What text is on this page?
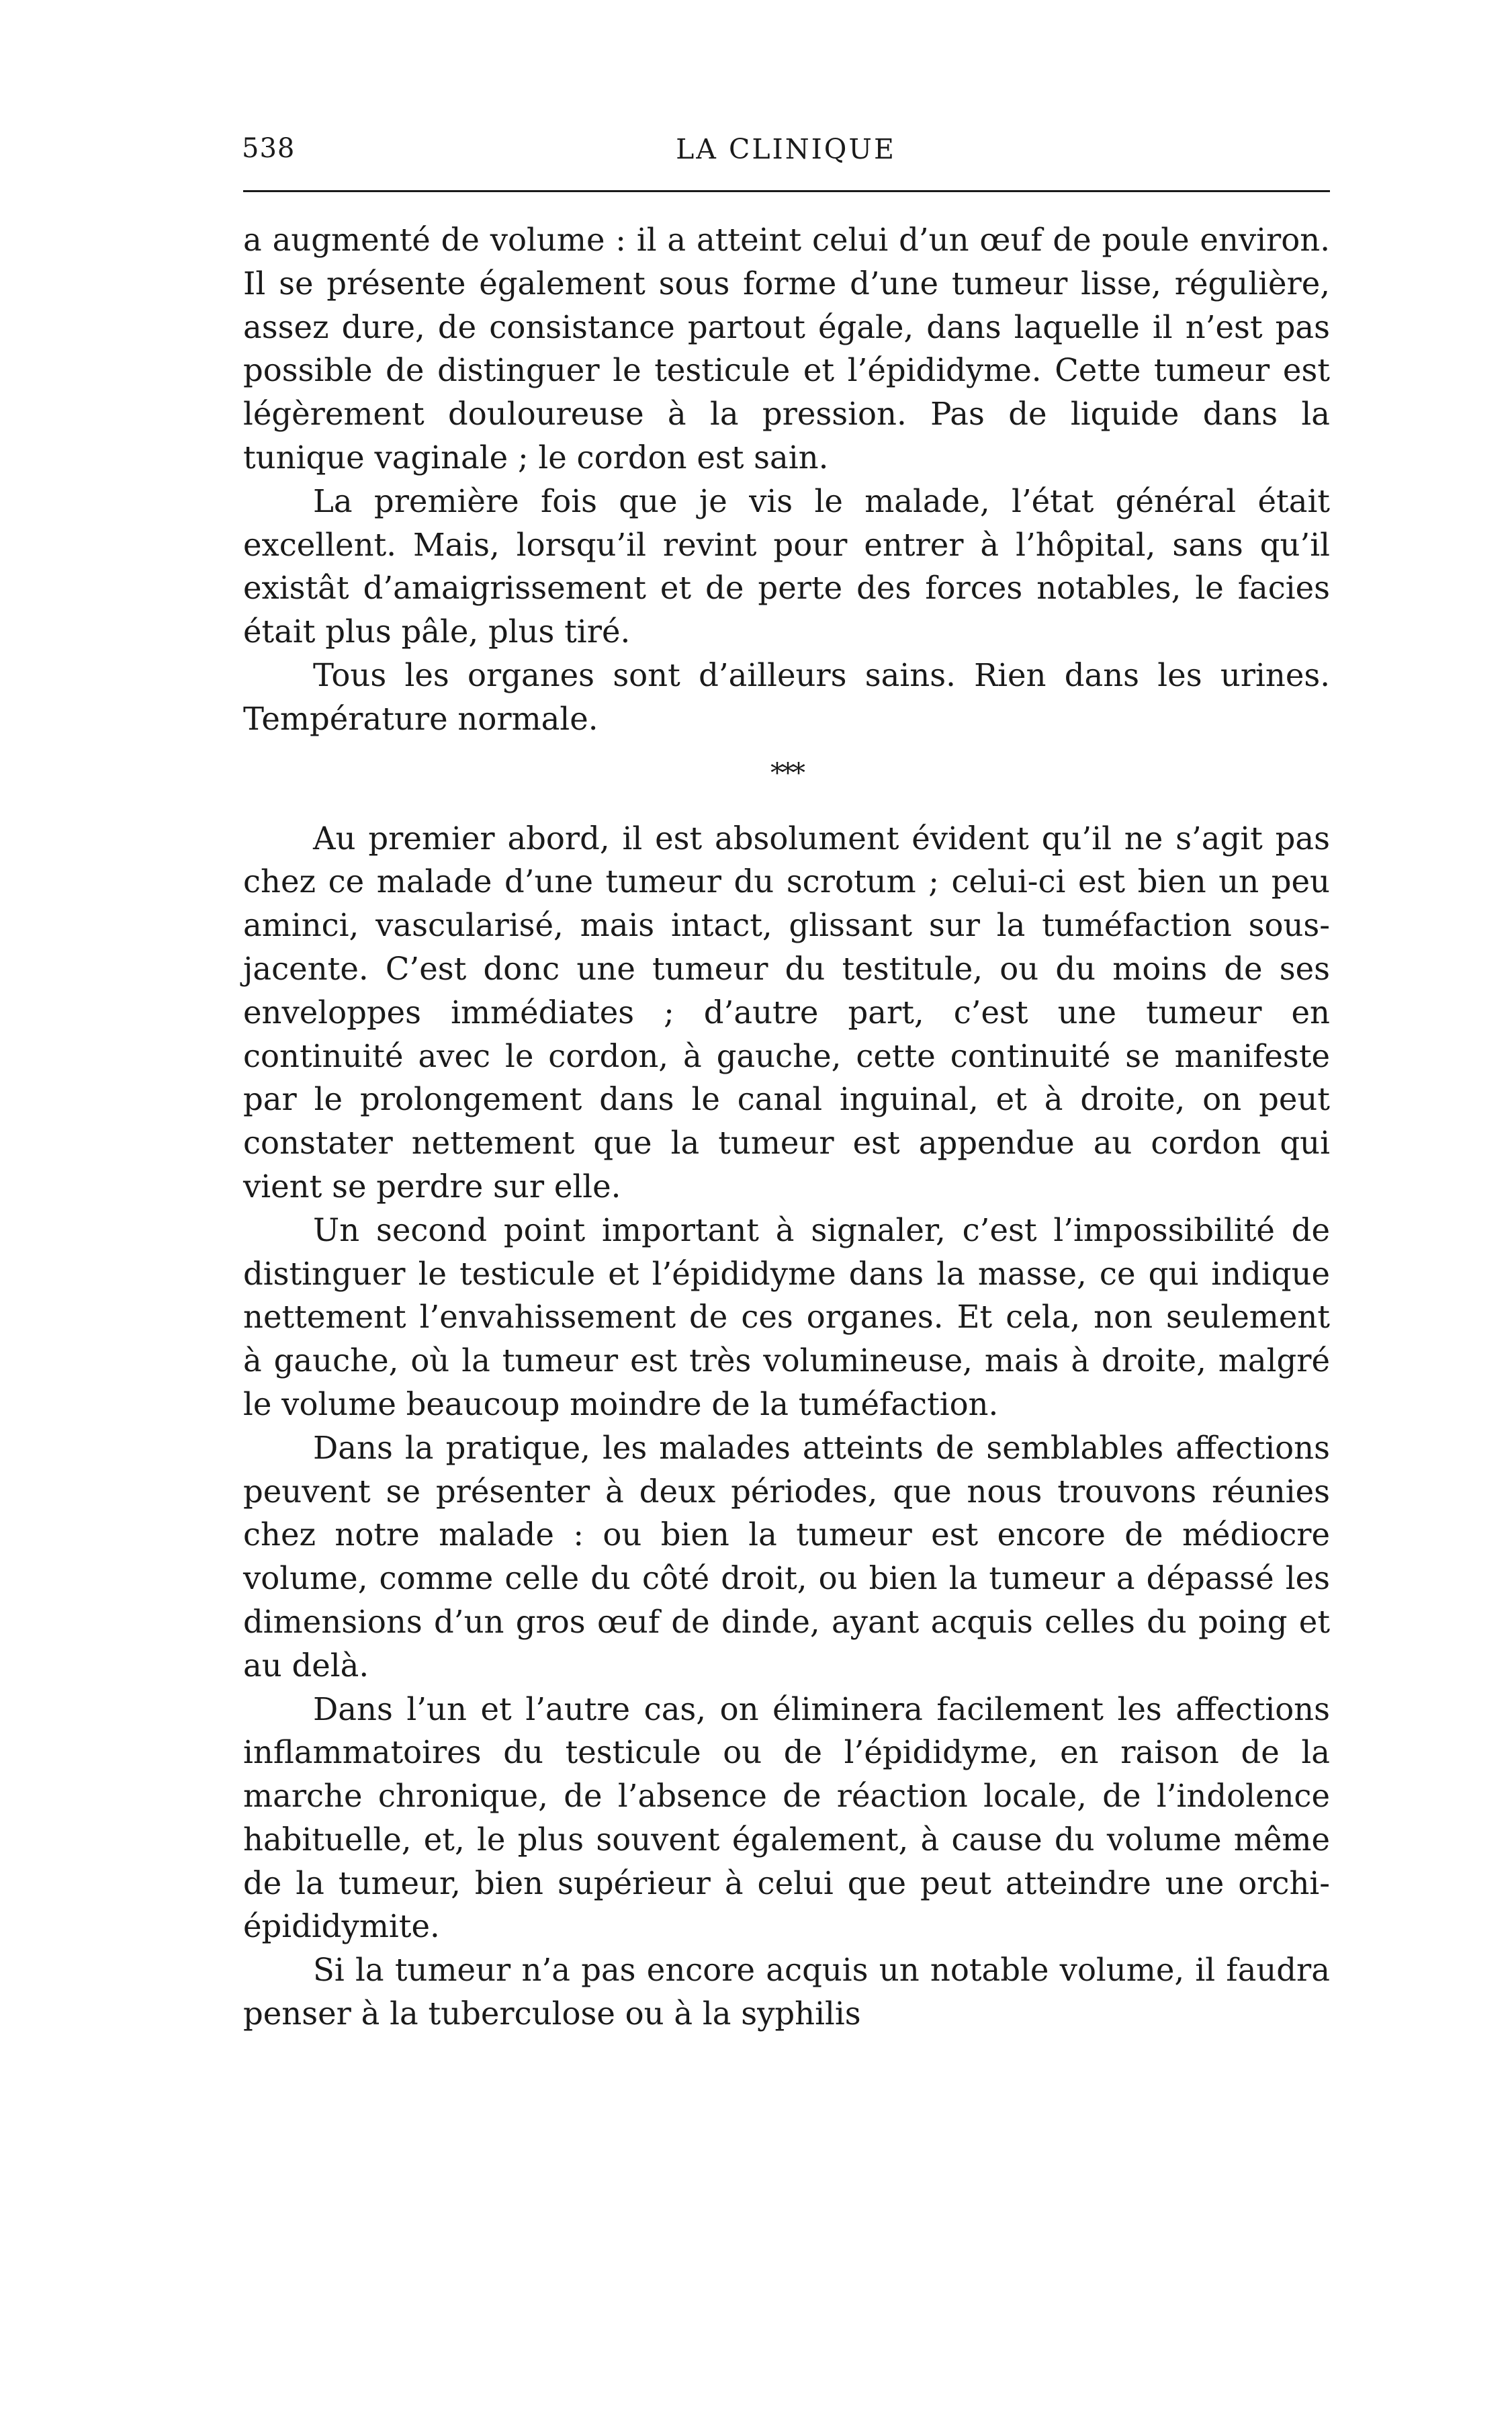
538	LA CLINIQUE

a augmenté de volume : il a atteint celui d’un œuf de poule environ. Il se présente également sous forme d’une tumeur lisse, régulière, assez dure, de consistance partout égale, dans laquelle il n’est pas possible de distinguer le testicule et l’épididyme. Cette tumeur est légèrement douloureuse à la pression. Pas de liquide dans la tunique vaginale ; le cordon est sain.

La première fois que je vis le malade, l’état général était excellent. Mais, lorsqu’il revint pour entrer à l’hôpital, sans qu’il existât d’amaigrissement et de perte des forces notables, le facies était plus pâle, plus tiré.

Tous les organes sont d’ailleurs sains. Rien dans les urines. Température normale.

***

Au premier abord, il est absolument évident qu’il ne s’agit pas chez ce malade d’une tumeur du scrotum ; celui-ci est bien un peu aminci, vascularisé, mais intact, glissant sur la tuméfaction sous-jacente. C’est donc une tumeur du testitule, ou du moins de ses enveloppes immédiates ; d’autre part, c’est une tumeur en continuité avec le cordon, à gauche, cette continuité se manifeste par le prolongement dans le canal inguinal, et à droite, on peut constater nettement que la tumeur est appendue au cordon qui vient se perdre sur elle.

Un second point important à signaler, c’est l’impossibilité de distinguer le testicule et l’épididyme dans la masse, ce qui indique nettement l’envahissement de ces organes. Et cela, non seulement à gauche, où la tumeur est très volumineuse, mais à droite, malgré le volume beaucoup moindre de la tuméfaction.

Dans la pratique, les malades atteints de semblables affections peuvent se présenter à deux périodes, que nous trouvons réunies chez notre malade : ou bien la tumeur est encore de médiocre volume, comme celle du côté droit, ou bien la tumeur a dépassé les dimensions d’un gros œuf de dinde, ayant acquis celles du poing et au delà.

Dans l’un et l’autre cas, on éliminera facilement les affections inflammatoires du testicule ou de l’épididyme, en raison de la marche chronique, de l’absence de réaction locale, de l’indolence habituelle, et, le plus souvent également, à cause du volume même de la tumeur, bien supérieur à celui que peut atteindre une orchi-épididymite.

Si la tumeur n’a pas encore acquis un notable volume, il faudra penser à la tuberculose ou à la syphilis
